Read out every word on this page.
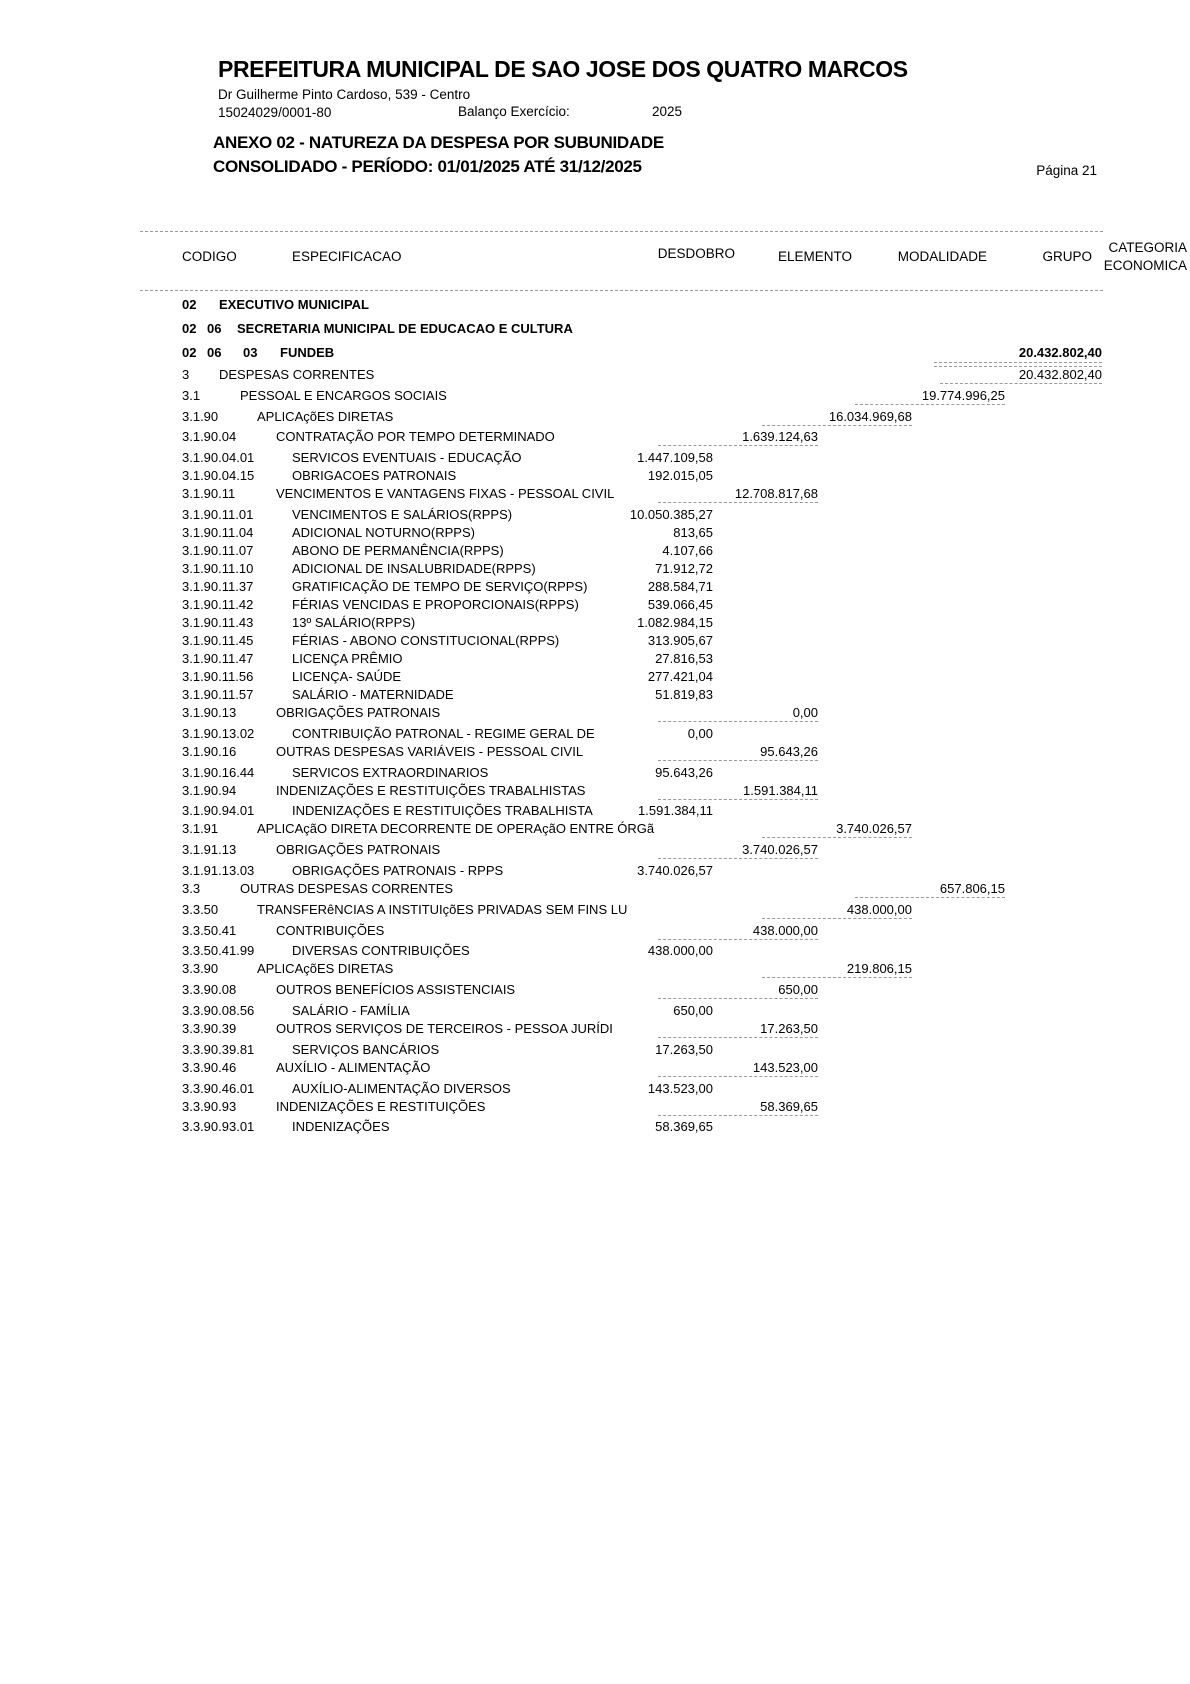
PREFEITURA MUNICIPAL DE SAO JOSE DOS QUATRO MARCOS
Dr Guilherme Pinto Cardoso, 539 - Centro
15024029/0001-80	Balanço Exercício:	2025
ANEXO 02 - NATUREZA DA DESPESA POR SUBUNIDADE
CONSOLIDADO - PERÍODO: 01/01/2025 ATÉ 31/12/2025	Página 21
CODIGO	ESPECIFICACAO	DESDOBRO	ELEMENTO	MODALIDADE	GRUPO
CATEGORIA
ECONOMICA
02 EXECUTIVO MUNICIPAL
02 06 SECRETARIA MUNICIPAL DE EDUCACAO E CULTURA
02 06 03 FUNDEB	20.432.802,40
3 DESPESAS CORRENTES	20.432.802,40
3.1	PESSOAL E ENCARGOS SOCIAIS	19.774.996,25
3.1.90	APLICAçõES DIRETAS	16.034.969,68
3.1.90.04	CONTRATAÇÃO POR TEMPO DETERMINADO	1.639.124,63
3.1.90.04.01	SERVICOS EVENTUAIS - EDUCAÇÃO	1.447.109,58
3.1.90.04.15	OBRIGACOES PATRONAIS	192.015,05
3.1.90.11	VENCIMENTOS E VANTAGENS FIXAS - PESSOAL CIVIL	12.708.817,68
3.1.90.11.01	VENCIMENTOS E SALÁRIOS(RPPS)	10.050.385,27
3.1.90.11.04	ADICIONAL NOTURNO(RPPS)	813,65
3.1.90.11.07	ABONO DE PERMANÊNCIA(RPPS)	4.107,66
3.1.90.11.10	ADICIONAL DE INSALUBRIDADE(RPPS)	71.912,72
3.1.90.11.37	GRATIFICAÇÃO DE TEMPO DE SERVIÇO(RPPS)	288.584,71
3.1.90.11.42	FÉRIAS VENCIDAS E PROPORCIONAIS(RPPS)	539.066,45
3.1.90.11.43	13º SALÁRIO(RPPS)	1.082.984,15
3.1.90.11.45	FÉRIAS - ABONO CONSTITUCIONAL(RPPS)	313.905,67
3.1.90.11.47	LICENÇA PRÊMIO	27.816,53
3.1.90.11.56	LICENÇA- SAÚDE	277.421,04
3.1.90.11.57	SALÁRIO - MATERNIDADE	51.819,83
3.1.90.13	OBRIGAÇÕES PATRONAIS	0,00
3.1.90.13.02	CONTRIBUIÇÃO PATRONAL - REGIME GERAL DE	0,00
3.1.90.16	OUTRAS DESPESAS VARIÁVEIS - PESSOAL CIVIL	95.643,26
3.1.90.16.44	SERVICOS EXTRAORDINARIOS	95.643,26
3.1.90.94	INDENIZAÇÕES E RESTITUIÇÕES TRABALHISTAS	1.591.384,11
3.1.90.94.01	INDENIZAÇÕES E RESTITUIÇÕES TRABALHISTA	1.591.384,11
3.1.91	APLICAçãO DIRETA DECORRENTE DE OPERAçãO ENTRE ÓRGã	3.740.026,57
3.1.91.13	OBRIGAÇÕES PATRONAIS	3.740.026,57
3.1.91.13.03	OBRIGAÇÕES PATRONAIS - RPPS	3.740.026,57
3.3	OUTRAS DESPESAS CORRENTES	657.806,15
3.3.50	TRANSFERêNCIAS A INSTITUIçõES PRIVADAS SEM FINS LU	438.000,00
3.3.50.41	CONTRIBUIÇÕES	438.000,00
3.3.50.41.99	DIVERSAS CONTRIBUIÇÕES	438.000,00
3.3.90	APLICAçõES DIRETAS	219.806,15
3.3.90.08	OUTROS BENEFÍCIOS ASSISTENCIAIS	650,00
3.3.90.08.56	SALÁRIO - FAMÍLIA	650,00
3.3.90.39	OUTROS SERVIÇOS DE TERCEIROS - PESSOA JURÍDI	17.263,50
3.3.90.39.81	SERVIÇOS BANCÁRIOS	17.263,50
3.3.90.46	AUXÍLIO - ALIMENTAÇÃO	143.523,00
3.3.90.46.01	AUXÍLIO-ALIMENTAÇÃO DIVERSOS	143.523,00
3.3.90.93	INDENIZAÇÕES E RESTITUIÇÕES	58.369,65
3.3.90.93.01	INDENIZAÇÕES	58.369,65
